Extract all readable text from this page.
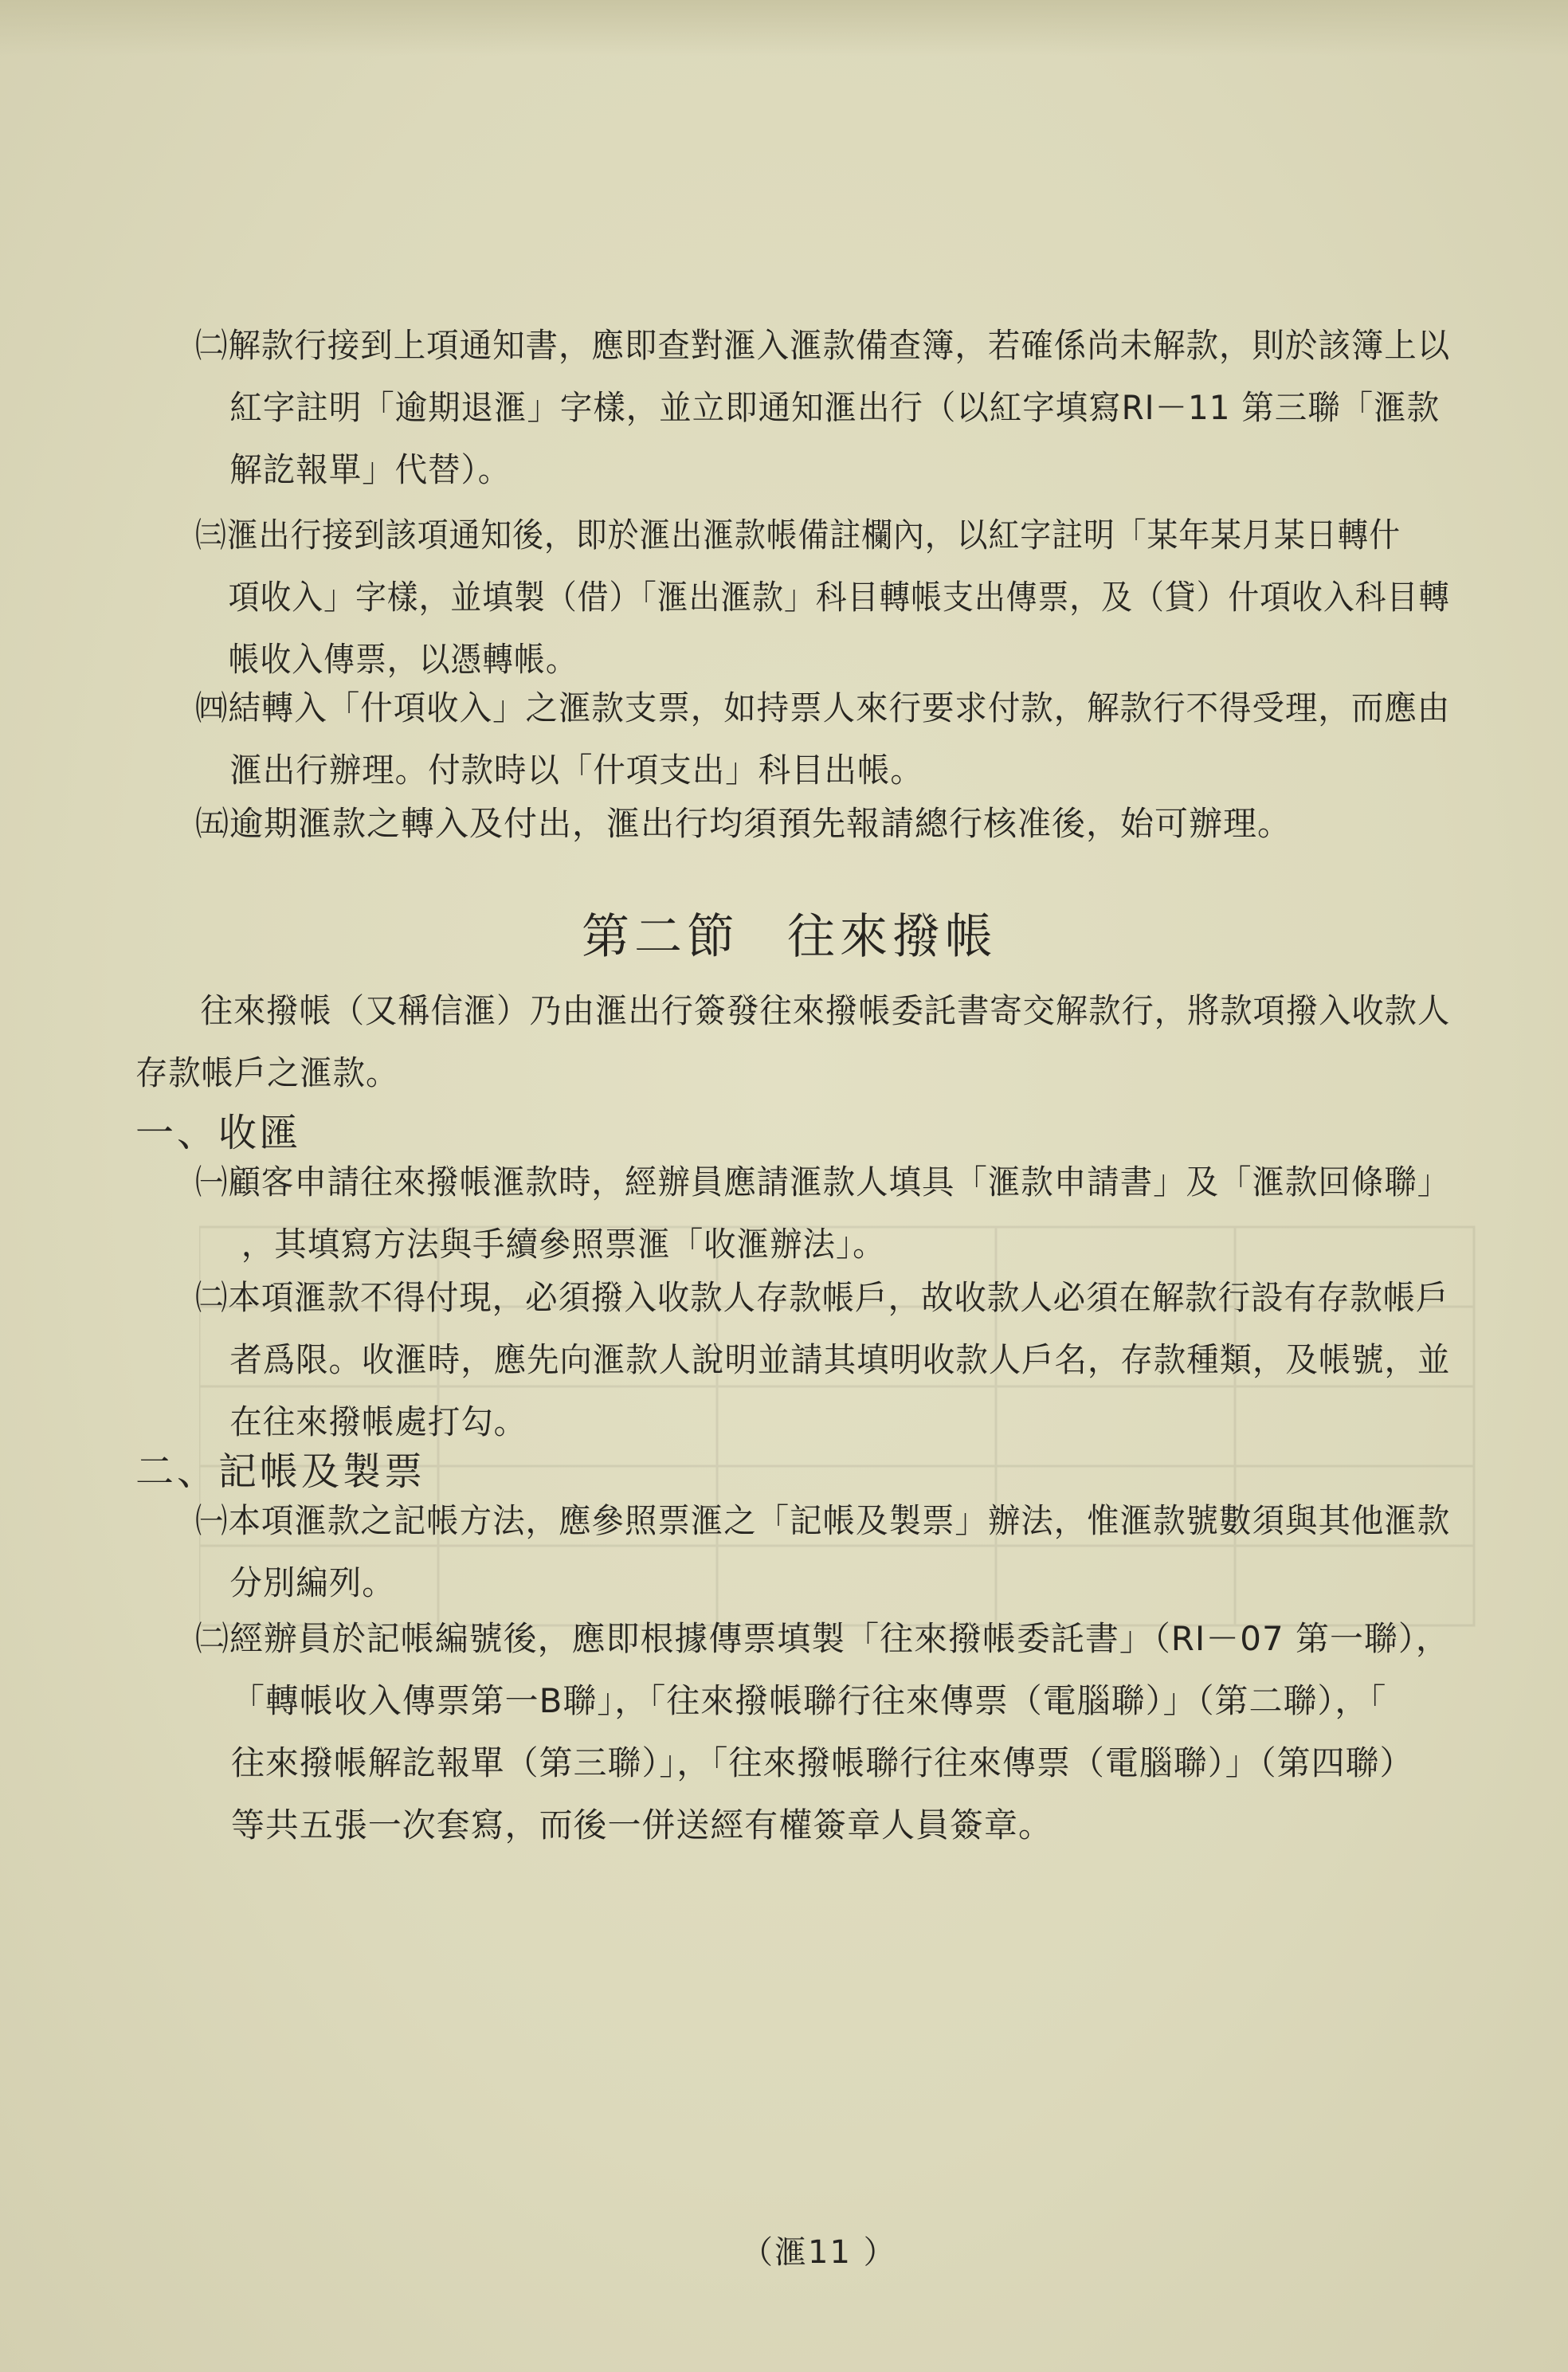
㈡解款行接到上項通知書，應即查對滙入滙款備查簿，若確係尚未解款，則於該簿上以
紅字註明「逾期退滙」字樣，並立即通知滙出行（以紅字填寫RI－11 第三聯「滙款
解訖報單」代替）。
㈢滙出行接到該項通知後，即於滙出滙款帳備註欄內，以紅字註明「某年某月某日轉什
項收入」字樣，並填製（借）「滙出滙款」科目轉帳支出傳票，及（貸）什項收入科目轉
帳收入傳票，以憑轉帳。
㈣結轉入「什項收入」之滙款支票，如持票人來行要求付款，解款行不得受理，而應由
滙出行辦理。付款時以「什項支出」科目出帳。
㈤逾期滙款之轉入及付出，滙出行均須預先報請總行核准後，始可辦理。
第二節 往來撥帳
往來撥帳（又稱信滙）乃由滙出行簽發往來撥帳委託書寄交解款行，將款項撥入收款人
存款帳戶之滙款。
一、收匯
㈠顧客申請往來撥帳滙款時，經辦員應請滙款人填具「滙款申請書」及「滙款回條聯」
，其填寫方法與手續參照票滙「收滙辦法」。
㈡本項滙款不得付現，必須撥入收款人存款帳戶，故收款人必須在解款行設有存款帳戶
者爲限。收滙時，應先向滙款人說明並請其填明收款人戶名，存款種類，及帳號，並
在往來撥帳處打勾。
二、記帳及製票
㈠本項滙款之記帳方法，應參照票滙之「記帳及製票」辦法，惟滙款號數須與其他滙款
分別編列。
㈡經辦員於記帳編號後，應即根據傳票填製「往來撥帳委託書」（RI－07 第一聯），
「轉帳收入傳票第一B聯」，「往來撥帳聯行往來傳票（電腦聯）」（第二聯），「
往來撥帳解訖報單（第三聯）」，「往來撥帳聯行往來傳票（電腦聯）」（第四聯）
等共五張一次套寫，而後一併送經有權簽章人員簽章。
（滙11 ）
